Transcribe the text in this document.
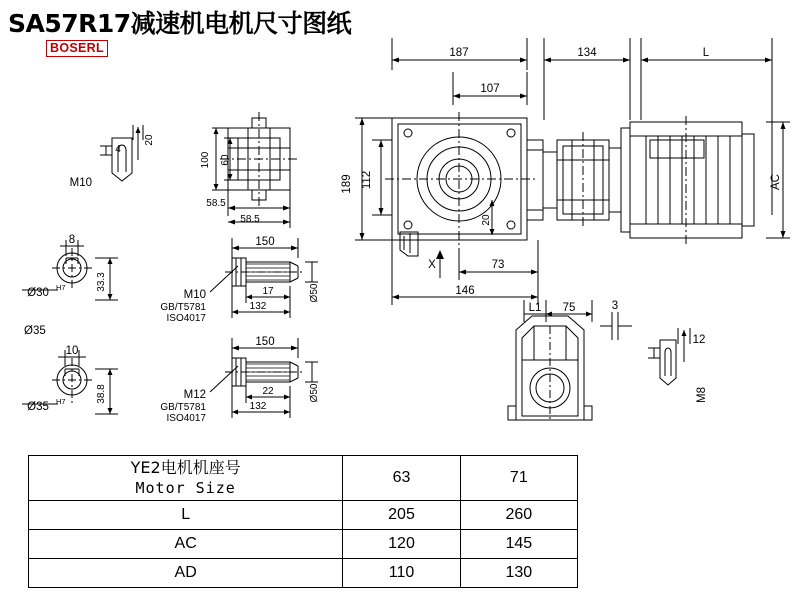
SA57R17减速机电机尺寸图纸
BOSERL	187
107
134	L
189 112
146
73
AC
X
20
20
4
M10
100 60
58.5
58.5
8
Ø30 H7	33.3
Ø35
10
Ø35 H7	38.8
150
M10
GB/T5781
ISO4017
17
132
Ø50
150
M12
GB/T5781
ISO4017
22
132
Ø50
L1 75	3
12
M8
YE2电机机座号
Motor Size	63	71
L	205	260
AC	120	145
AD	110	130
